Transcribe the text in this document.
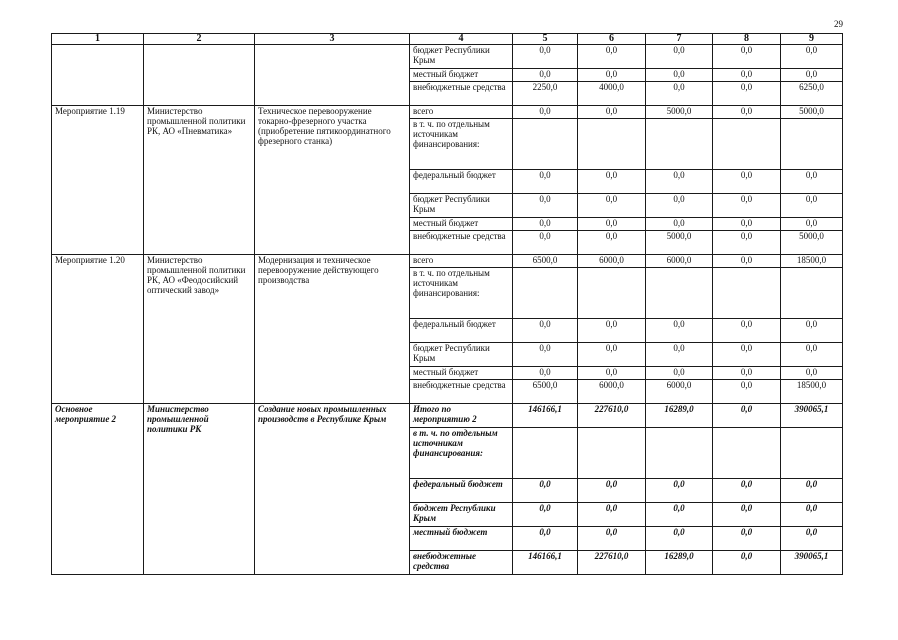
29
1	2	3	4	5	6	7	8	9
			бюджет Республики Крым	0,0	0,0	0,0	0,0	0,0
			местный бюджет	0,0	0,0	0,0	0,0	0,0
			внебюджетные средства	2250,0	4000,0	0,0	0,0	6250,0
Мероприятие 1.19	Министерство промышленной политики РК, АО «Пневматика»	Техническое перевооружение токарно-фрезерного участка (приобретение пятикоординатного фрезерного станка)	всего	0,0	0,0	5000,0	0,0	5000,0
			в т. ч. по отдельным источникам финансирования:					
			федеральный бюджет	0,0	0,0	0,0	0,0	0,0
			бюджет Республики Крым	0,0	0,0	0,0	0,0	0,0
			местный бюджет	0,0	0,0	0,0	0,0	0,0
			внебюджетные средства	0,0	0,0	5000,0	0,0	5000,0
Мероприятие 1.20	Министерство промышленной политики РК, АО «Феодосийский оптический завод»	Модернизация и техническое перевооружение действующего производства	всего	6500,0	6000,0	6000,0	0,0	18500,0
			в т. ч. по отдельным источникам финансирования:					
			федеральный бюджет	0,0	0,0	0,0	0,0	0,0
			бюджет Республики Крым	0,0	0,0	0,0	0,0	0,0
			местный бюджет	0,0	0,0	0,0	0,0	0,0
			внебюджетные средства	6500,0	6000,0	6000,0	0,0	18500,0
Основное мероприятие 2	Министерство промышленной политики РК	Создание новых промышленных производств в Республике Крым	Итого по мероприятию 2	146166,1	227610,0	16289,0	0,0	390065,1
			в т. ч. по отдельным источникам финансирования:					
			федеральный бюджет	0,0	0,0	0,0	0,0	0,0
			бюджет Республики Крым	0,0	0,0	0,0	0,0	0,0
			местный бюджет	0,0	0,0	0,0	0,0	0,0
			внебюджетные средства	146166,1	227610,0	16289,0	0,0	390065,1
